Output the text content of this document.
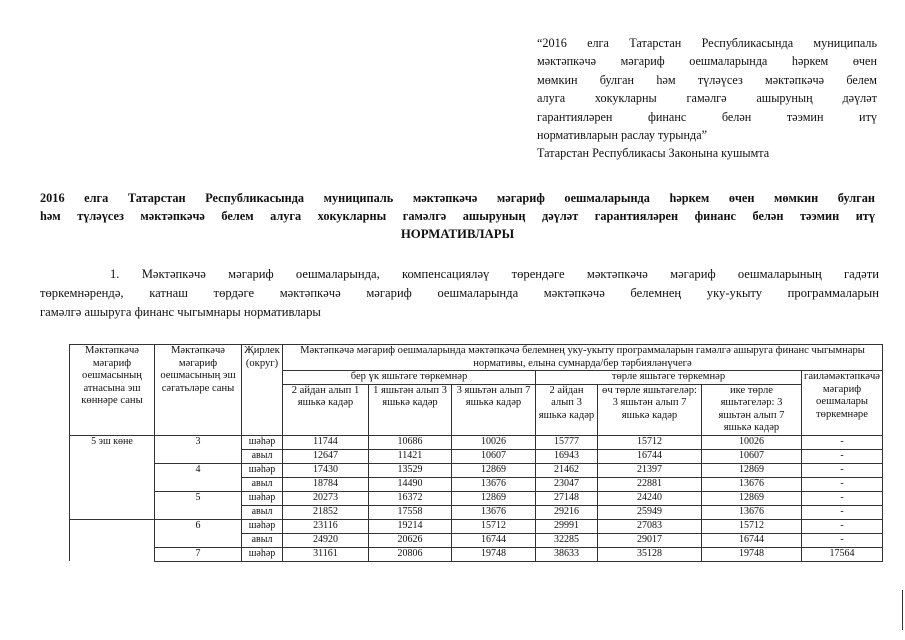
“2016 елга Татарстан Республикасында муниципаль
мәктәпкәчә мәгариф оешмаларында һәркем өчен
мөмкин булган һәм түләүсез мәктәпкәчә белем
алуга хокукларны гамәлгә ашыруның дәүләт
гарантияләрен финанс белән тәэмин итү
нормативларын раслау турында”
Татарстан Республикасы Законына кушымта
2016 елга Татарстан Республикасында муниципаль мәктәпкәчә мәгариф оешмаларында һәркем өчен мөмкин булган
һәм түләүсез мәктәпкәчә белем алуга хокукларны гамәлгә ашыруның дәүләт гарантияләрен финанс белән тәэмин итү
НОРМАТИВЛАРЫ
1. Мәктәпкәчә мәгариф оешмаларында, компенсацияләү төрендәге мәктәпкәчә мәгариф оешмаларының гадәти
төркемнәрендә, катнаш төрдәге мәктәпкәчә мәгариф оешмаларында мәктәпкәчә белемнең уку-укыту программаларын
гамәлгә ашыруга финанс чыгымнары нормативлары
Мәктәпкәчә мәгариф оешмасының атнасына эш көннәре саны	Мәктәпкәчә мәгариф оешмасының эш сәгатьләре саны	Җирлек (округ)	Мәктәпкәчә мәгариф оешмаларында мәктәпкәчә белемнең уку-укыту программаларын гамәлгә ашыруга финанс чыгымнары нормативы, елына сумнарда/бер тәрбияләнүчегә						
			бер үк яшьтәге төркемнәр			төрле яшьтәге төркемнәр			гаиләмәктәпкәчә мәгариф оешмалары төркемнәре
			2 айдан алып 1 яшькә кадәр	1 яшьтән алып 3 яшькә кадәр	3 яшьтән алып 7 яшькә кадәр	2 айдан алып 3 яшькә кадәр	өч төрле яшьтәгеләр: 3 яшьтән алып 7 яшькә кадәр	ике төрле яшьтәгеләр: 3 яшьтән алып 7 яшькә кадәр	
5 эш көне	3	шәһәр	11744	10686	10026	15777	15712	10026	-
		авыл	12647	11421	10607	16943	16744	10607	-
	4	шәһәр	17430	13529	12869	21462	21397	12869	-
		авыл	18784	14490	13676	23047	22881	13676	-
	5	шәһәр	20273	16372	12869	27148	24240	12869	-
		авыл	21852	17558	13676	29216	25949	13676	-
	6	шәһәр	23116	19214	15712	29991	27083	15712	-
		авыл	24920	20626	16744	32285	29017	16744	-
	7	шәһәр	31161	20806	19748	38633	35128	19748	17564
